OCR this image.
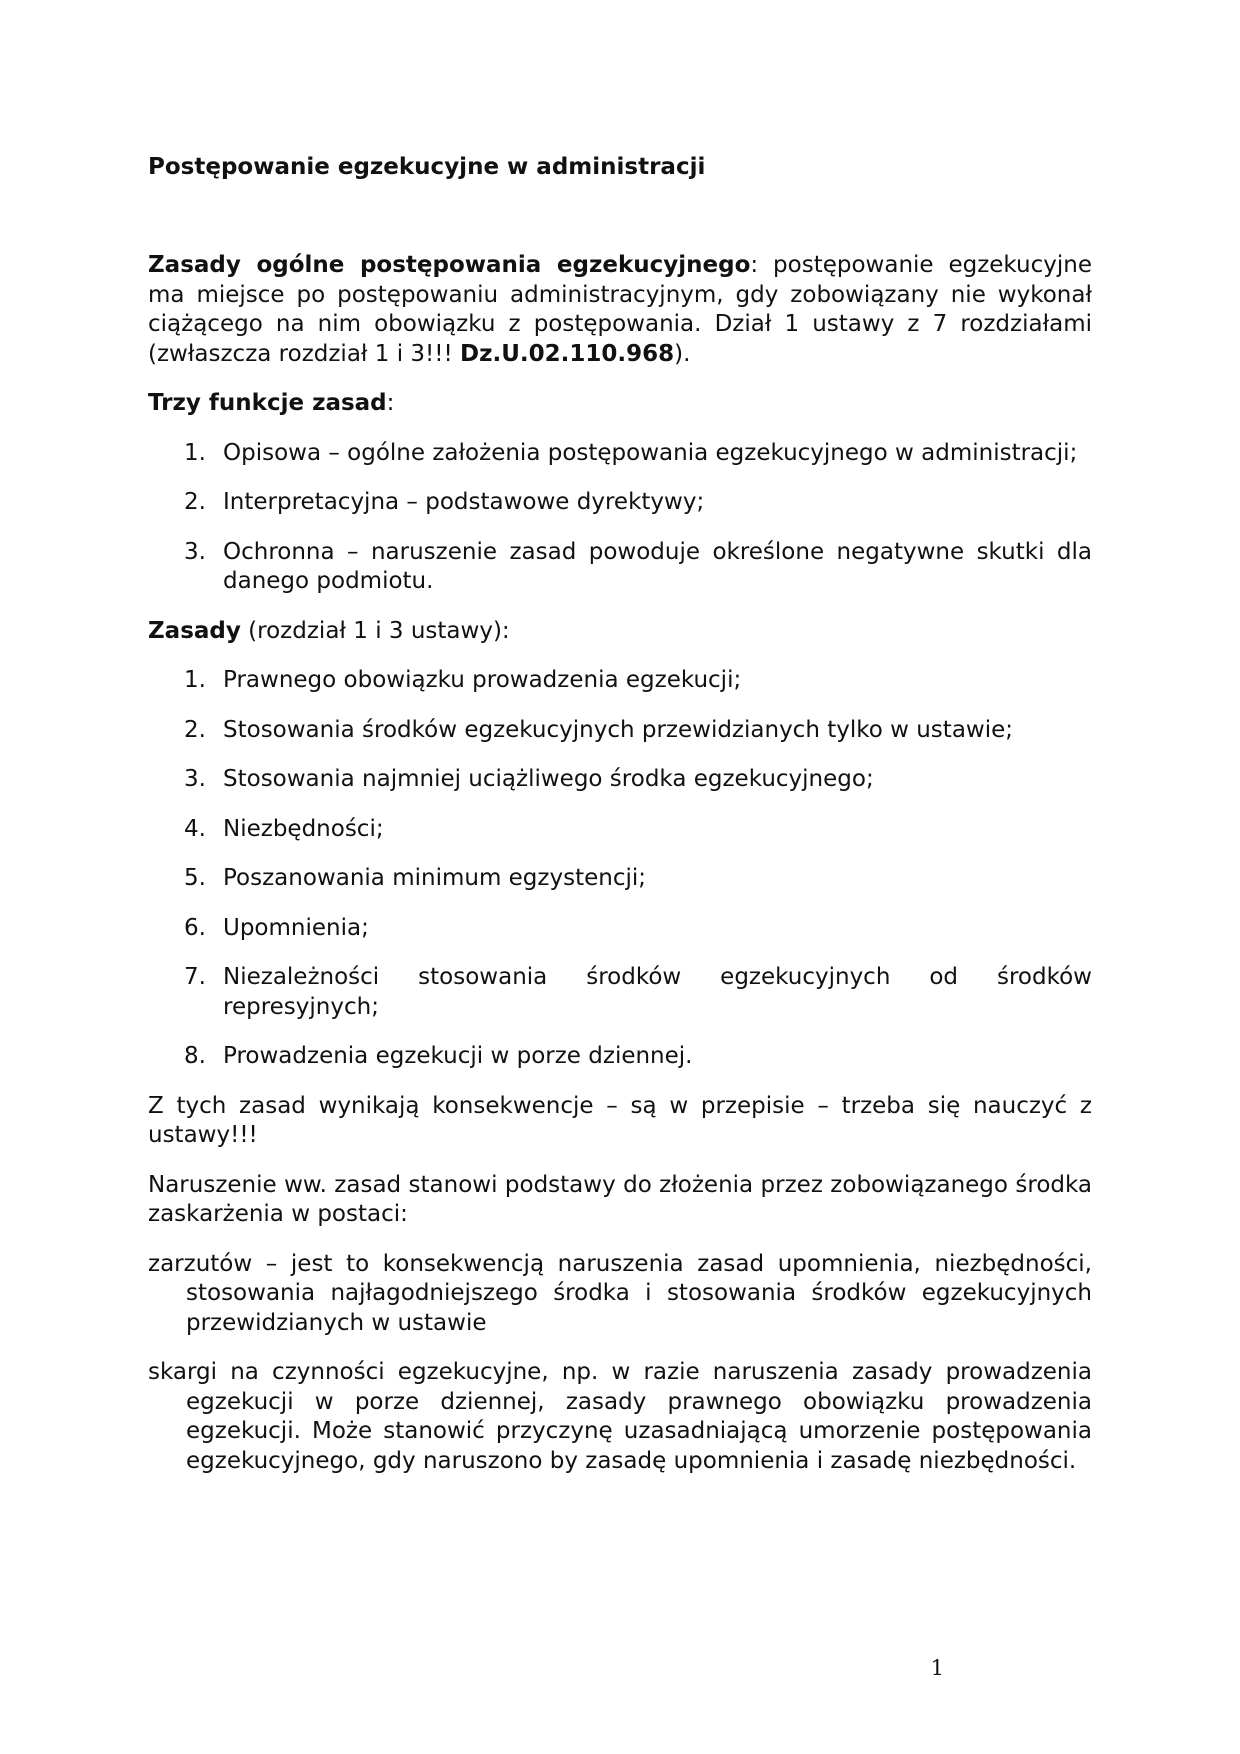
Postępowanie egzekucyjne w administracji

Zasady ogólne postępowania egzekucyjnego: postępowanie egzekucyjne ma miejsce po postępowaniu administracyjnym, gdy zobowiązany nie wykonał ciążącego na nim obowiązku z postępowania. Dział 1 ustawy z 7 rozdziałami (zwłaszcza rozdział 1 i 3!!! Dz.U.02.110.968).

Trzy funkcje zasad:

1. Opisowa – ogólne założenia postępowania egzekucyjnego w administracji;
2. Interpretacyjna – podstawowe dyrektywy;
3. Ochronna – naruszenie zasad powoduje określone negatywne skutki dla danego podmiotu.

Zasady (rozdział 1 i 3 ustawy):

1. Prawnego obowiązku prowadzenia egzekucji;
2. Stosowania środków egzekucyjnych przewidzianych tylko w ustawie;
3. Stosowania najmniej uciążliwego środka egzekucyjnego;
4. Niezbędności;
5. Poszanowania minimum egzystencji;
6. Upomnienia;
7. Niezależności stosowania środków egzekucyjnych od środków represyjnych;
8. Prowadzenia egzekucji w porze dziennej.

Z tych zasad wynikają konsekwencje – są w przepisie – trzeba się nauczyć z ustawy!!!

Naruszenie ww. zasad stanowi podstawy do złożenia przez zobowiązanego środka zaskarżenia w postaci:

zarzutów – jest to konsekwencją naruszenia zasad upomnienia, niezbędności, stosowania najłagodniejszego środka i stosowania środków egzekucyjnych przewidzianych w ustawie

skargi na czynności egzekucyjne, np. w razie naruszenia zasady prowadzenia egzekucji w porze dziennej, zasady prawnego obowiązku prowadzenia egzekucji. Może stanowić przyczynę uzasadniającą umorzenie postępowania egzekucyjnego, gdy naruszono by zasadę upomnienia i zasadę niezbędności.

1
